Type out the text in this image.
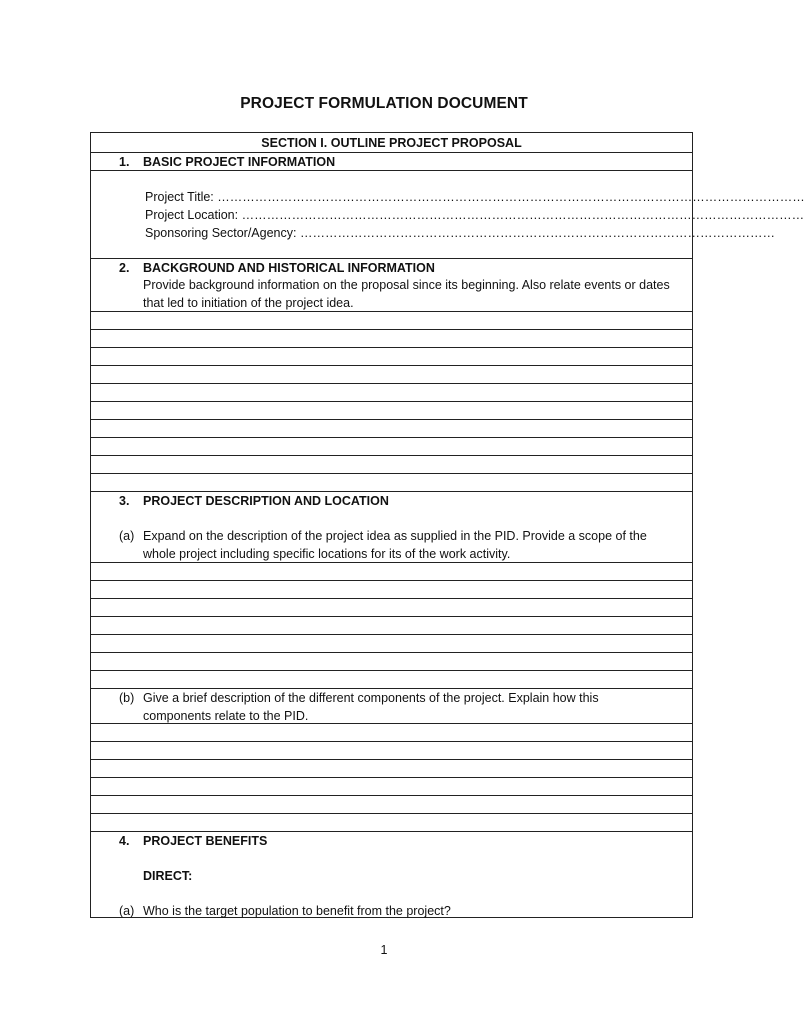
PROJECT FORMULATION DOCUMENT
SECTION I. OUTLINE PROJECT PROPOSAL
1. BASIC PROJECT INFORMATION
Project Title: ……………………………………………………………………………………………………………………………
Project Location: ………………………………………………………………………………………………………………………
Sponsoring Sector/Agency: ……………………………………………………………………………………………………
2. BACKGROUND AND HISTORICAL INFORMATION
Provide background information on the proposal since its beginning. Also relate events or dates
that led to initiation of the project idea.
3. PROJECT DESCRIPTION AND LOCATION
(a) Expand on the description of the project idea as supplied in the PID. Provide a scope of the
whole project including specific locations for its of the work activity.
(b) Give a brief description of the different components of the project. Explain how this
components relate to the PID.
4. PROJECT BENEFITS
DIRECT:
(a) Who is the target population to benefit from the project?
1
